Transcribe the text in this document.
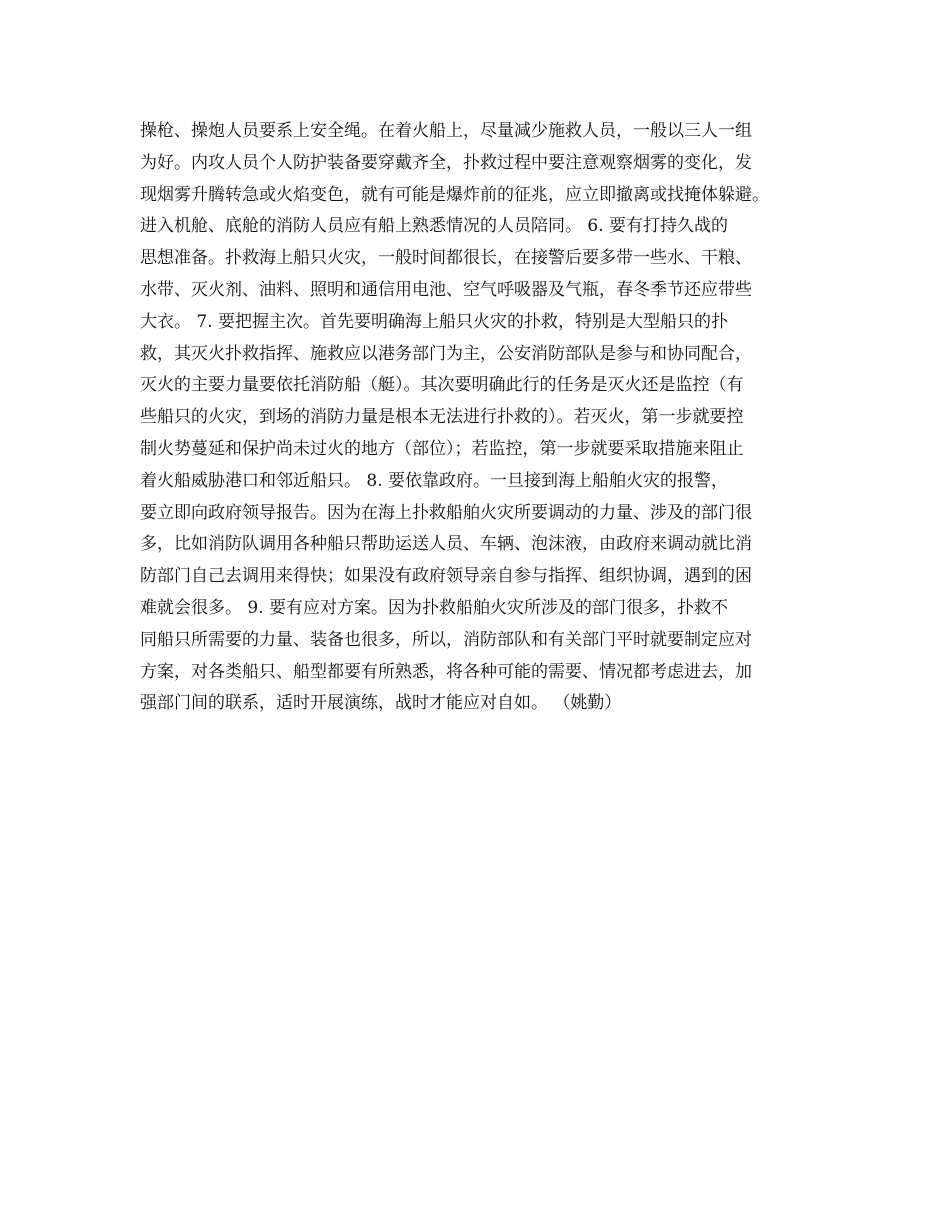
操枪、操炮人员要系上安全绳。在着火船上，尽量减少施救人员，一般以三人一组
为好。内攻人员个人防护装备要穿戴齐全，扑救过程中要注意观察烟雾的变化，发
现烟雾升腾转急或火焰变色，就有可能是爆炸前的征兆，应立即撤离或找掩体躲避。
进入机舱、底舱的消防人员应有船上熟悉情况的人员陪同。 6. 要有打持久战的
思想准备。扑救海上船只火灾，一般时间都很长，在接警后要多带一些水、干粮、
水带、灭火剂、油料、照明和通信用电池、空气呼吸器及气瓶，春冬季节还应带些
大衣。 7. 要把握主次。首先要明确海上船只火灾的扑救，特别是大型船只的扑
救，其灭火扑救指挥、施救应以港务部门为主，公安消防部队是参与和协同配合，
灭火的主要力量要依托消防船（艇）。其次要明确此行的任务是灭火还是监控（有
些船只的火灾，到场的消防力量是根本无法进行扑救的）。若灭火，第一步就要控
制火势蔓延和保护尚未过火的地方（部位）；若监控，第一步就要采取措施来阻止
着火船威胁港口和邻近船只。 8. 要依靠政府。一旦接到海上船舶火灾的报警，
要立即向政府领导报告。因为在海上扑救船舶火灾所要调动的力量、涉及的部门很
多，比如消防队调用各种船只帮助运送人员、车辆、泡沫液，由政府来调动就比消
防部门自己去调用来得快；如果没有政府领导亲自参与指挥、组织协调，遇到的困
难就会很多。 9. 要有应对方案。因为扑救船舶火灾所涉及的部门很多，扑救不
同船只所需要的力量、装备也很多，所以，消防部队和有关部门平时就要制定应对
方案，对各类船只、船型都要有所熟悉，将各种可能的需要、情况都考虑进去，加
强部门间的联系，适时开展演练，战时才能应对自如。 （姚勤）
